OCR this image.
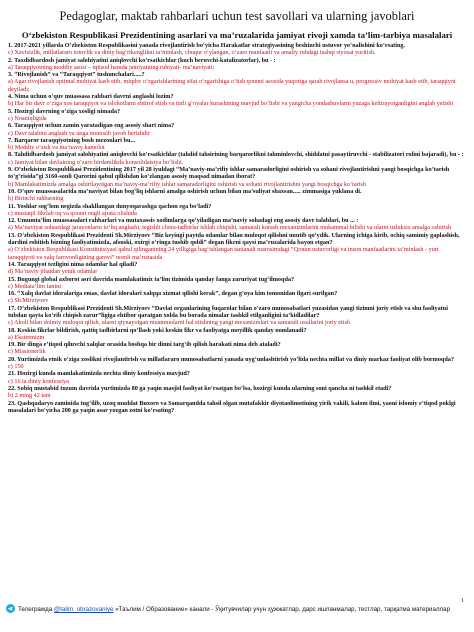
Pedagoglar, maktab rahbarlari uchun test savollari va ularning javoblari
O‘zbekiston Respublikasi Prezidentining asarlari va ma’ruzalarida jamiyat rivoji xamda ta’lim-tarbiya masalalari

1. 2017-2021 yillarda O‘zbekiston Respublikasini yanada rivojlantirish bo‘yicha Harakatlar strategiyasining beshinchi ustuvor yo‘nalishini ko‘rsating.

c) Xavfsizlik, millatlararo totuvlik va diniy bag‘rikenglikni ta’minlash, chuqur o‘ylangan, o‘zaro manfaatli va amaliy ruhdagi tashqi siyosat yuritish.

2. Taxdidbardosh jamiyat salohiyatini aniqlovchi ko‘rsatkichlar (kuch beruvchi-katalizatorlar), bu - :

a) Taraqqiyotning moddiy asosi – iqtisod hamda jamiyatning ruhiyati- ma’naviyati;

3. “Rivojlanish” va “Taraqqiyot” tushunchalari.....?

a) Agar rivojlanish optimal mohiyat kasb etib, miqdor o‘zgarishlarining sifat o‘zgarishiga o‘tish qonuni asosida yuqoriga qarab rivojlansa u, progressiv mohiyat kasb etib, taraqqiyot deyiladi;

4. Nima uchun o‘quv muassasa rahbari davrni anglashi lozim?

b) Har bir davr o‘ziga xos taraqqiyot va islohotlarni ehtirof etish va turli g‘oyalar kurashining mavjud bo‘lishi va yangicha yondashuvlarni yuzaga keltirayotganligini anglab yetishi

5. Hozirgi davrning o‘ziga xosligi nimada?

c) Noaniqligida

6. Taraqqiyot uchun zamin yaratadigan eng asosiy shart nima?

c) Davr talabini anglash va unga munosib javob berishdir

7. Barqaror taraqqiyotning bosh mezonlari bu...

b) Moddiy o‘sish va ma’naviy kamolot

8. Tahdidbardosh jamiyat salohiyatini aniqlovchi ko‘rsatkichlar (tahdid tahsirining barqarorlikni tahminlovchi, shiddatni pasaytiruvchi - stabilizatori rolini bajaradi), bu - :

c) Jamiyat bilan davlatning o‘zaro birdamlikda konsolidatsiya bo‘lishi.

9. O‘zbekiston Respublikasi Prezidentining 2017 yil 28 iyuldagi “Ma’naviy-ma’rifiy ishlar samaradorligini oshirish va sohani rivojlantirishni yangi bosqichga ko‘tarish to‘g‘risida”gi 3160-sonli Qarorini qabul qilishdan ko‘zlangan asosiy maqsad nimadan iborat?

b) Mamlakatimizda amalga oshirilayotgan ma’naviy-ma’rifiy ishlar samaradorligini oshirish va sohani rivojlantirishni yangi bosqichga ko‘tarish

10. O‘quv muassasalarida ma’naviyat bilan bog‘liq ishlarni amalga oshirish uchun bilan ma’suliyat shaxsan..... zimmasiga yuklana di.

b) Birinchi rahbarning

11. Yoshlar sog‘lom negizda shakllangan dunyoqarashga qachon ega bo‘ladi?

c) mustaqil fikrlab oq va qorani ongli ajrata olishida

12. Umumta’lim muassasalari rahbarlari va mutaxassis xodimlarga qo‘yiladigan ma’naviy sohadagi eng asosiy davr talablari, bu ... :

a) Ma’naviyat sohasidagi jarayonlarni to‘liq anglashi, tegishli chora-tadbirlar ishlab chiqishi, samarali kurash mexanizmlarini mukammal bilishi va ularni uzluksiz amalga oshirish

13. O‘zbekiston Respublikasi Prezidenti Sh.Mirziyoev “Biz keyingi paytda odamlar bilan muloqot qilishni unutib qo‘ydik. Ularning ichiga kirib, ochiq samimiy gaplashish, dardini eshitish bizning faoliyatimizda, afsuski, oxirgi o‘ringa tushib qoldi” degan fikrni qaysi ma’ruzalarida bayon etgan?

a) O‘zbekiston Respublikasi Konstitutsiyasi qabul qilinganining 24 yilligiga bag‘ishlangan tantanali marosimdagi “Qonun ustuvorligi va inson manfaatlarini ta’minlash - yurt taraqqiyoti va xalq farovonligining garovi” nomli ma’ruzasida

14. Taraqqiyot tezligini nima odamlar hal qiladi?

d) Ma’naviy jihatdan yetuk odamlar

15. Bugungi global axborot asri davrida mamlakatimiz ta’lim tizimida qanday fanga zaruriyat tug‘ilmoqda?

c) Mediata’lim fanini

16. “Xalq davlat idoralariga emas, davlat idoralari xalqqa xizmat qilishi kerak”, degan g‘oya kim tomonidan ilgari surilgan?

c) Sh.Mirziyoev

17. O‘zbekiston Respublikasi Prezidenti Sh.Mirziyoev “Davlat organlarining fuqarolar bilan o‘zaro munosabatlari yuzasidan yangi tizimni joriy etish va shu faoliyatni tubdan qayta ko‘rib chiqish zarur”ligiga ehtibor qaratgan xolda bu borada nimalar tashkil etilganligini ta’kidladilar?

c) Aholi bilan doimiy muloqot qilish, ularni qiynayotgan muammolarni hal etishning yangi mexanizmlari va samarali usullarini joriy etish

18. Keskin fikrlar bildirish, qattiq tadbirlarni qo‘llash yoki keskin fikr va faoliyatga moyillik qanday nomlanadi?

a) Ekstremizm

19. Bir dinga e’tiqod qiluvchi xalqlar orasida boshqa bir dinni targ‘ib qilish harakati nima deb ataladi?

c) Missionerlik

20. Yurtimizda etnik o‘ziga xoslikni rivojlantirish va millatlararo munosabatlarni yanada uyg‘unlashtirish yo‘lida nechta millat va diniy markaz faoliyat olib bormoqda?

c) 150

21. Hozirgi kunda mamlakatimizda nechta diniy konfessiya mavjud?

c) 16 ta diniy konfessiya

22. Sobiq mustabid tuzum davrida yurtimizda 80 ga yaqin masjid faoliyat ko‘rsatgan bo‘lsa, hozirgi kunda ularning soni qancha ni tashkil etadi?

b) 2 ming 42 tani

23. Qashqadaryo zaminida tug‘ilib, uzoq muddat Buxoro va Samarqandda tahsil olgan mutafakkir diyotaolimotining yirik vakili, kalom ilmi, yaoni islomiy e’tiqod poklgi masalalari bo‘yicha 200 ga yaqin asar yozgan zotni ko‘rsating?

1
Телеграмда @talim_obrazovaniye «Таълим / Образование» канали - Ўқитувчилар учун ҳужжатлар, дарс ишланмалар, тестлар, тарқатма материаллар
